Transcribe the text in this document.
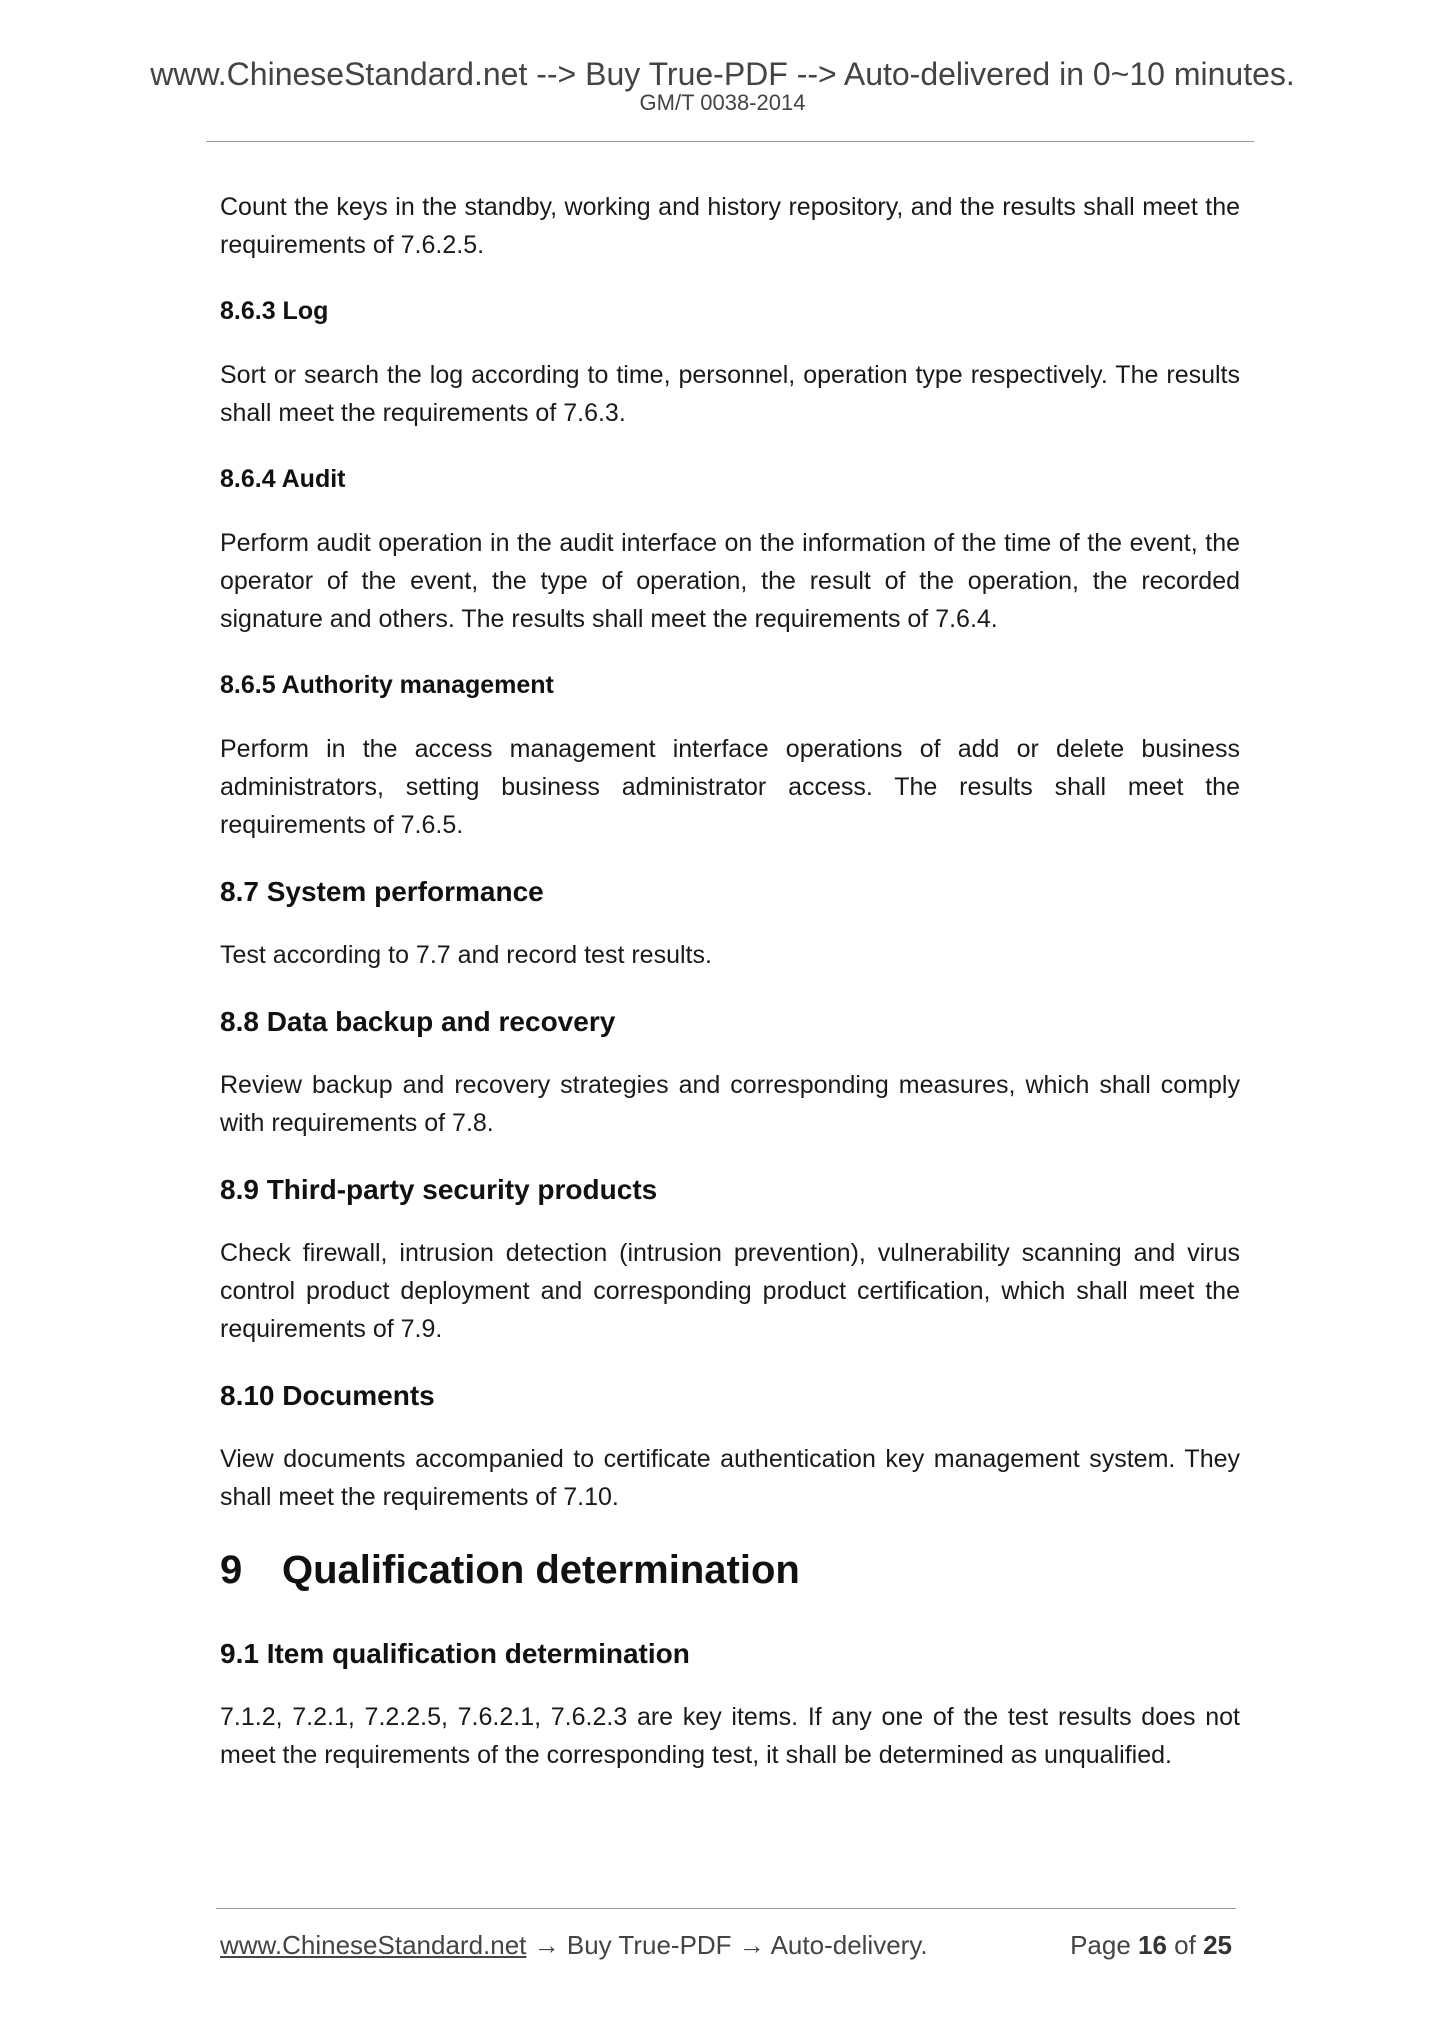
www.ChineseStandard.net --> Buy True-PDF --> Auto-delivered in 0~10 minutes.
GM/T 0038-2014

Count the keys in the standby, working and history repository, and the results shall meet the requirements of 7.6.2.5.

8.6.3 Log

Sort or search the log according to time, personnel, operation type respectively. The results shall meet the requirements of 7.6.3.

8.6.4 Audit

Perform audit operation in the audit interface on the information of the time of the event, the operator of the event, the type of operation, the result of the operation, the recorded signature and others. The results shall meet the requirements of 7.6.4.

8.6.5 Authority management

Perform in the access management interface operations of add or delete business administrators, setting business administrator access. The results shall meet the requirements of 7.6.5.

8.7 System performance

Test according to 7.7 and record test results.

8.8 Data backup and recovery

Review backup and recovery strategies and corresponding measures, which shall comply with requirements of 7.8.

8.9 Third-party security products

Check firewall, intrusion detection (intrusion prevention), vulnerability scanning and virus control product deployment and corresponding product certification, which shall meet the requirements of 7.9.

8.10 Documents

View documents accompanied to certificate authentication key management system. They shall meet the requirements of 7.10.

9 Qualification determination
9.1 Item qualification determination

7.1.2, 7.2.1, 7.2.2.5, 7.6.2.1, 7.6.2.3 are key items. If any one of the test results does not meet the requirements of the corresponding test, it shall be determined as unqualified.

www.ChineseStandard.net → Buy True-PDF → Auto-delivery.	Page 16 of 25
